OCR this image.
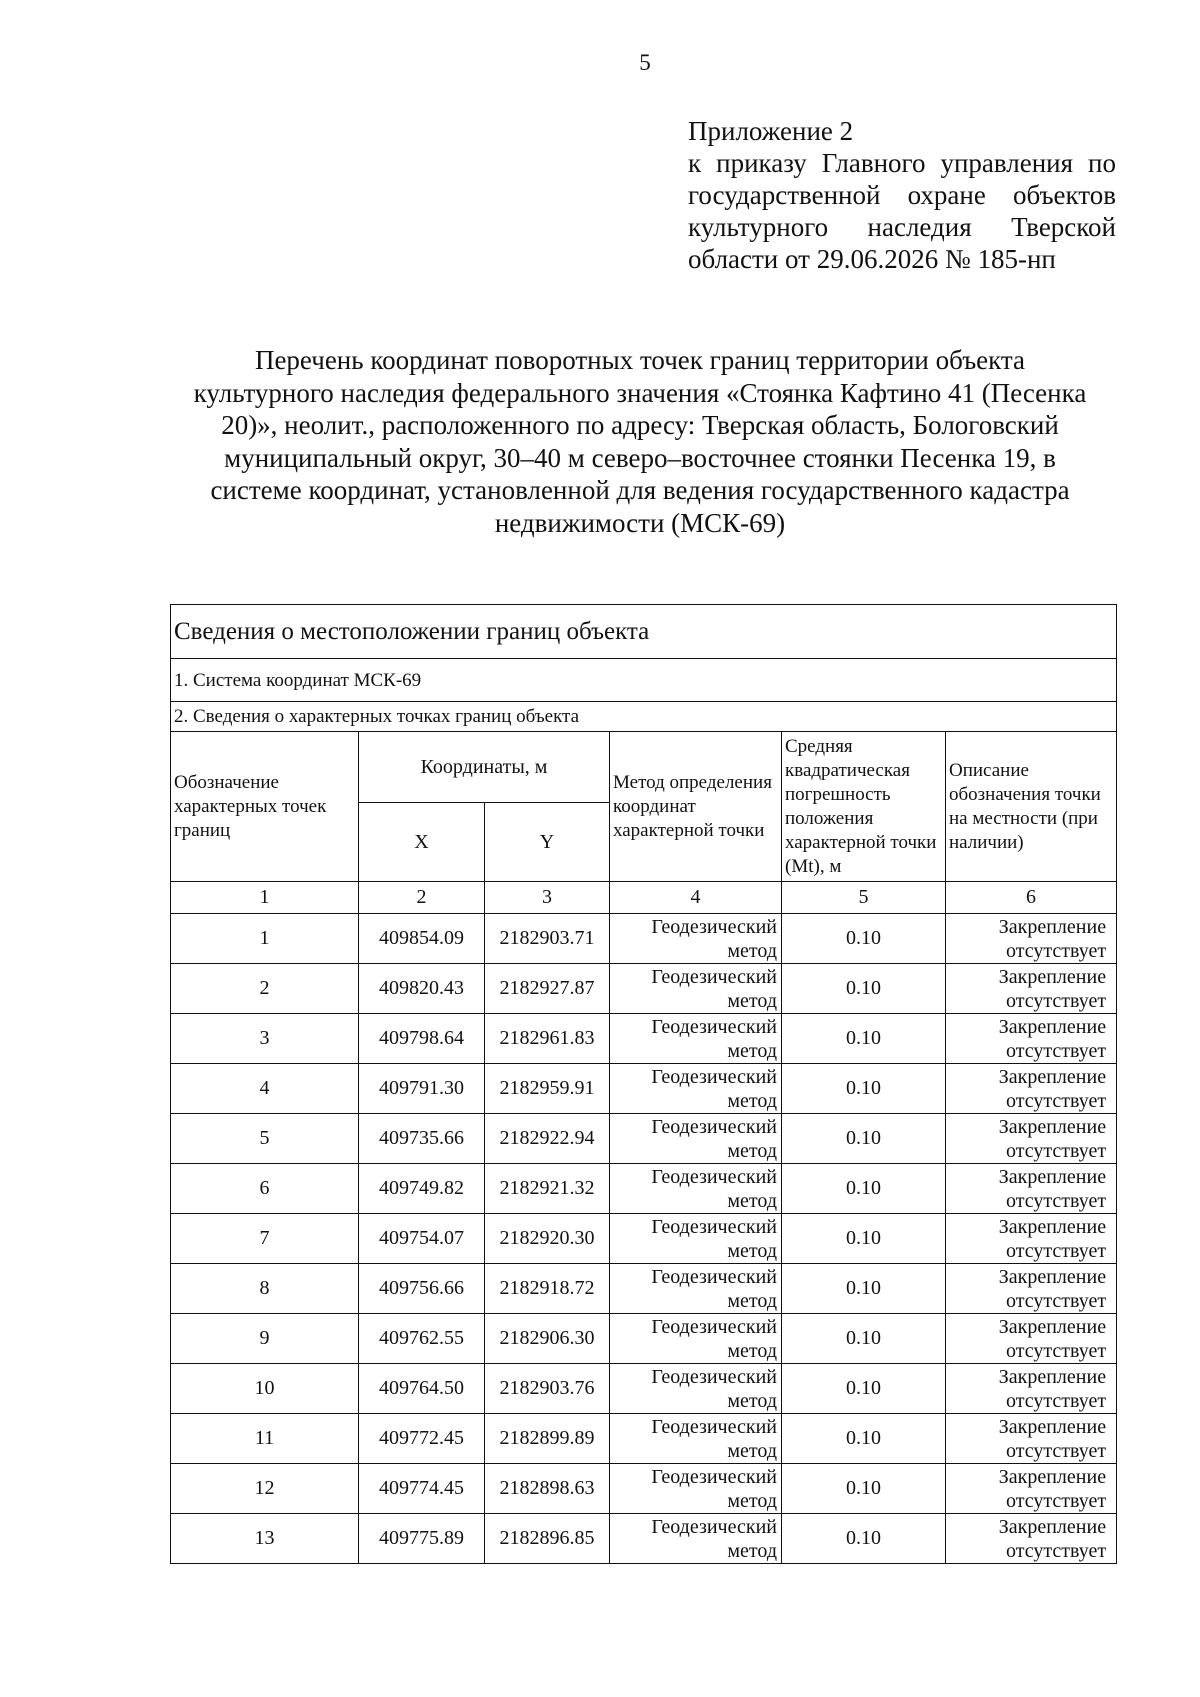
5
Приложение 2
к приказу Главного управления по
государственной охране объектов
культурного наследия Тверской
области от 29.06.2026 № 185-нп
Перечень координат поворотных точек границ территории объекта
культурного наследия федерального значения «Стоянка Кафтино 41 (Песенка
20)», неолит., расположенного по адресу: Тверская область, Бологовский
муниципальный округ, 30–40 м северо–восточнее стоянки Песенка 19, в
системе координат, установленной для ведения государственного кадастра
недвижимости (МСК-69)
Сведения о местоположении границ объекта					
1. Система координат МСК-69					
2. Сведения о характерных точках границ объекта					
Обозначение характерных точек границ	Координаты, м		Метод определения координат характерной точки	Средняя квадратическая погрешность положения характерной точки (Mt), м	Описание обозначения точки на местности (при наличии)
	X	Y			
1	2	3	4	5	6
1	409854.09	2182903.71	Геодезический метод	0.10	Закрепление отсутствует
2	409820.43	2182927.87	Геодезический метод	0.10	Закрепление отсутствует
3	409798.64	2182961.83	Геодезический метод	0.10	Закрепление отсутствует
4	409791.30	2182959.91	Геодезический метод	0.10	Закрепление отсутствует
5	409735.66	2182922.94	Геодезический метод	0.10	Закрепление отсутствует
6	409749.82	2182921.32	Геодезический метод	0.10	Закрепление отсутствует
7	409754.07	2182920.30	Геодезический метод	0.10	Закрепление отсутствует
8	409756.66	2182918.72	Геодезический метод	0.10	Закрепление отсутствует
9	409762.55	2182906.30	Геодезический метод	0.10	Закрепление отсутствует
10	409764.50	2182903.76	Геодезический метод	0.10	Закрепление отсутствует
11	409772.45	2182899.89	Геодезический метод	0.10	Закрепление отсутствует
12	409774.45	2182898.63	Геодезический метод	0.10	Закрепление отсутствует
13	409775.89	2182896.85	Геодезический метод	0.10	Закрепление отсутствует
